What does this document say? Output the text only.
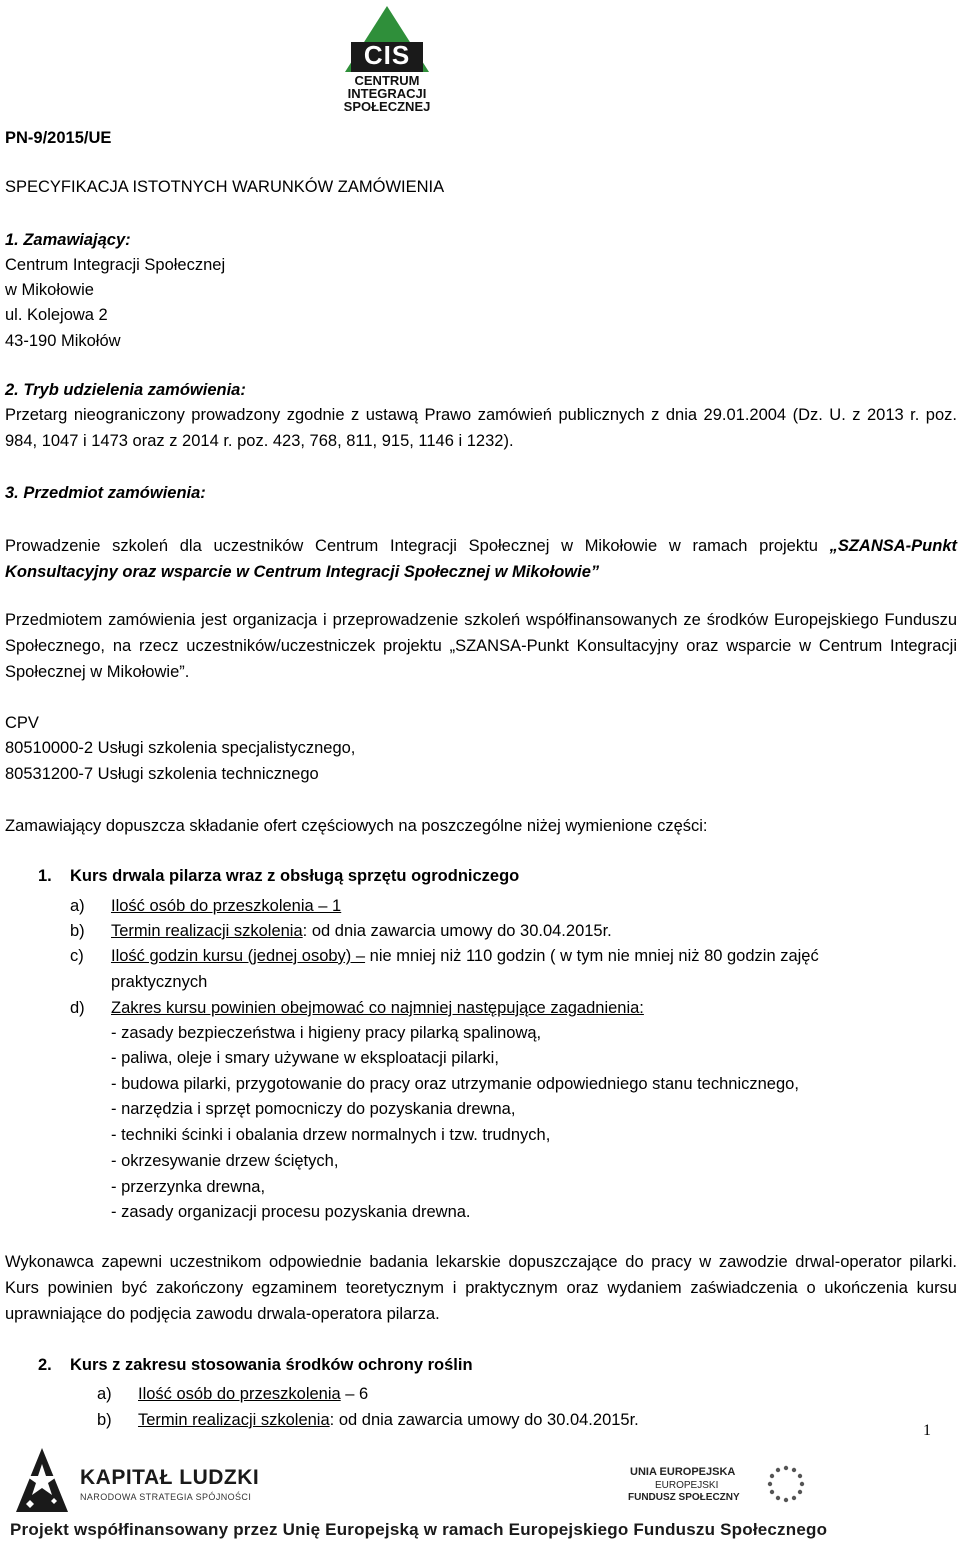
CIS
CENTRUM
INTEGRACJI
SPOŁECZNEJ
PN-9/2015/UE
SPECYFIKACJA ISTOTNYCH WARUNKÓW ZAMÓWIENIA
1. Zamawiający:
Centrum Integracji Społecznej
w Mikołowie
ul. Kolejowa 2
43-190 Mikołów
2. Tryb udzielenia zamówienia:
Przetarg nieograniczony prowadzony zgodnie z ustawą Prawo zamówień publicznych z dnia 29.01.2004 (Dz. U. z 2013 r. poz. 984, 1047 i 1473 oraz z 2014 r. poz. 423, 768, 811, 915, 1146 i 1232).
3. Przedmiot zamówienia:
Prowadzenie szkoleń dla uczestników Centrum Integracji Społecznej w Mikołowie w ramach projektu „SZANSA-Punkt Konsultacyjny oraz wsparcie w Centrum Integracji Społecznej w Mikołowie”
Przedmiotem zamówienia jest organizacja i przeprowadzenie szkoleń współfinansowanych ze środków Europejskiego Funduszu Społecznego, na rzecz uczestników/uczestniczek projektu „SZANSA-Punkt Konsultacyjny oraz wsparcie w Centrum Integracji Społecznej w Mikołowie”.
CPV
80510000-2 Usługi szkolenia specjalistycznego,
80531200-7 Usługi szkolenia technicznego
Zamawiający dopuszcza składanie ofert częściowych na poszczególne niżej wymienione części:
1. Kurs drwala pilarza wraz z obsługą sprzętu ogrodniczego
a) Ilość osób do przeszkolenia – 1
b) Termin realizacji szkolenia: od dnia zawarcia umowy do 30.04.2015r.
c) Ilość godzin kursu (jednej osoby) – nie mniej niż 110 godzin ( w tym nie mniej niż 80 godzin zajęć
praktycznych
d) Zakres kursu powinien obejmować co najmniej następujące zagadnienia:
- zasady bezpieczeństwa i higieny pracy pilarką spalinową,
- paliwa, oleje i smary używane w eksploatacji pilarki,
- budowa pilarki, przygotowanie do pracy oraz utrzymanie odpowiedniego stanu technicznego,
- narzędzia i sprzęt pomocniczy do pozyskania drewna,
- techniki ścinki i obalania drzew normalnych i tzw. trudnych,
- okrzesywanie drzew ściętych,
- przerzynka drewna,
- zasady organizacji procesu pozyskania drewna.
Wykonawca zapewni uczestnikom odpowiednie badania lekarskie dopuszczające do pracy w zawodzie drwal-operator pilarki. Kurs powinien być zakończony egzaminem teoretycznym i praktycznym oraz wydaniem zaświadczenia o ukończenia kursu uprawniające do podjęcia zawodu drwala-operatora pilarza.
2. Kurs z zakresu stosowania środków ochrony roślin
a) Ilość osób do przeszkolenia – 6
b) Termin realizacji szkolenia: od dnia zawarcia umowy do 30.04.2015r.
1
KAPITAŁ LUDZKI
NARODOWA STRATEGIA SPÓJNOŚCI
UNIA EUROPEJSKA
EUROPEJSKI
FUNDUSZ SPOŁECZNY
Projekt współfinansowany przez Unię Europejską w ramach Europejskiego Funduszu Społecznego
